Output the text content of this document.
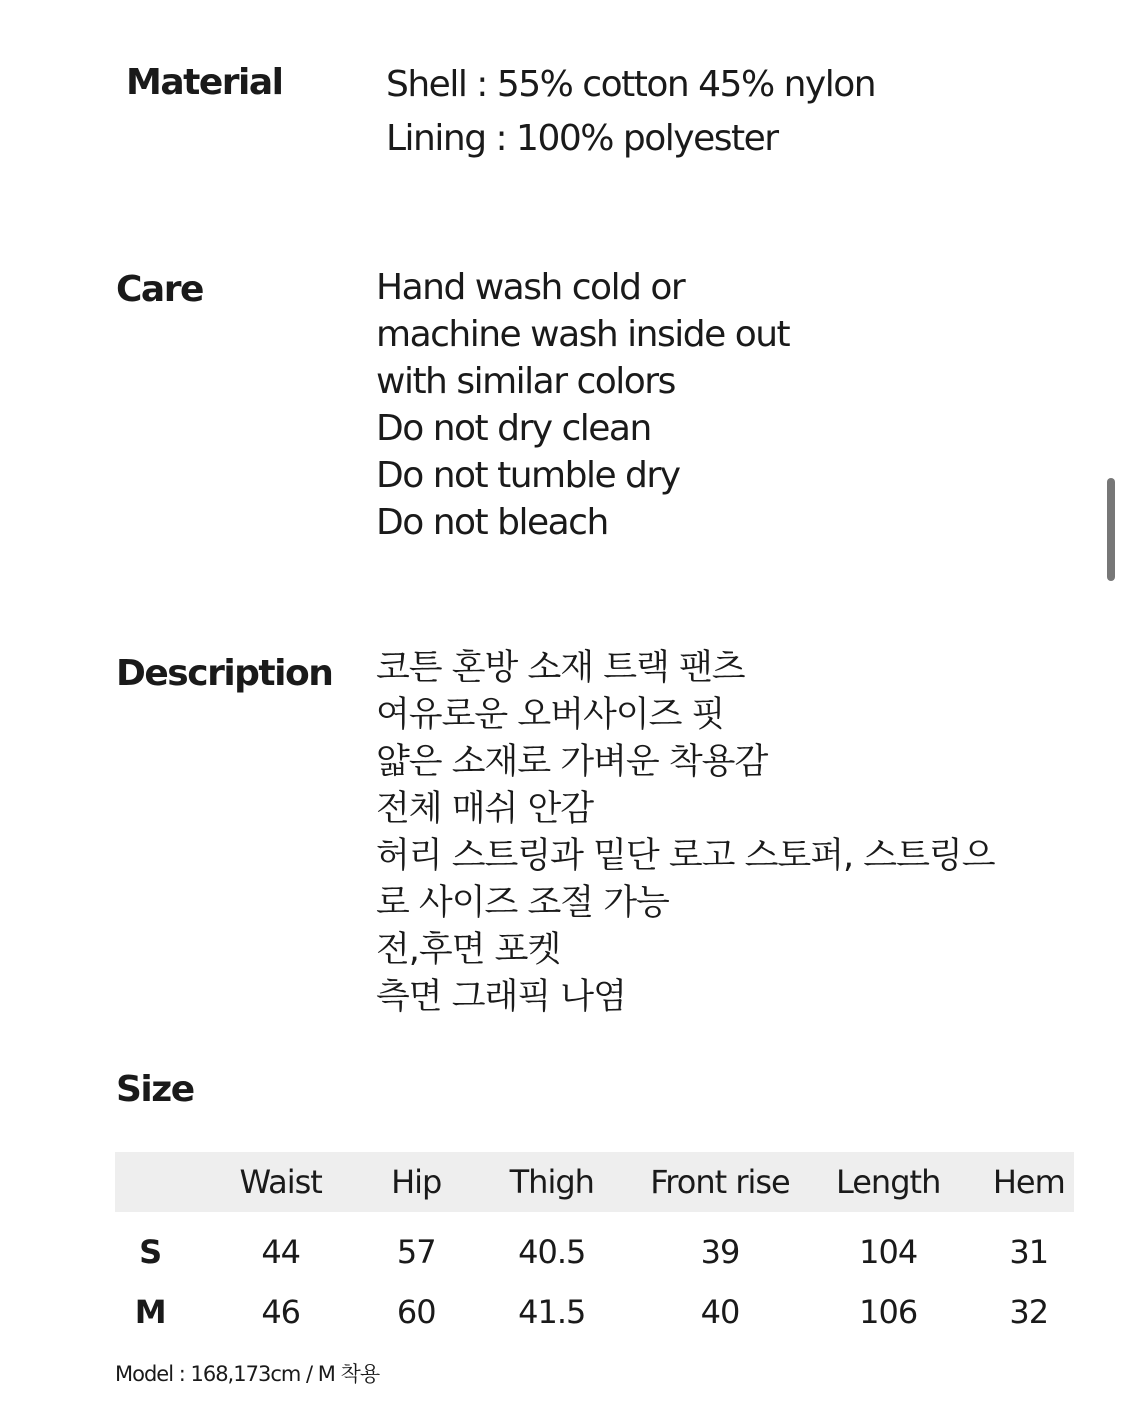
Material	Shell : 55% cotton 45% nylon
Lining : 100% polyester
Care	Hand wash cold or
machine wash inside out
with similar colors
Do not dry clean
Do not tumble dry
Do not bleach
Description 코튼 혼방 소재 트랙 팬츠
여유로운 오버사이즈 핏
얇은 소재로 가벼운 착용감
전체 매쉬 안감
허리 스트링과 밑단 로고 스토퍼, 스트링으
로 사이즈 조절 가능
전,후면 포켓
측면 그래픽 나염
Size
	Waist	Hip	Thigh	Front rise	Length	Hem
S	44	57	40.5	39	104	31
M	46	60	41.5	40	106	32
Model : 168,173cm / M 착용
